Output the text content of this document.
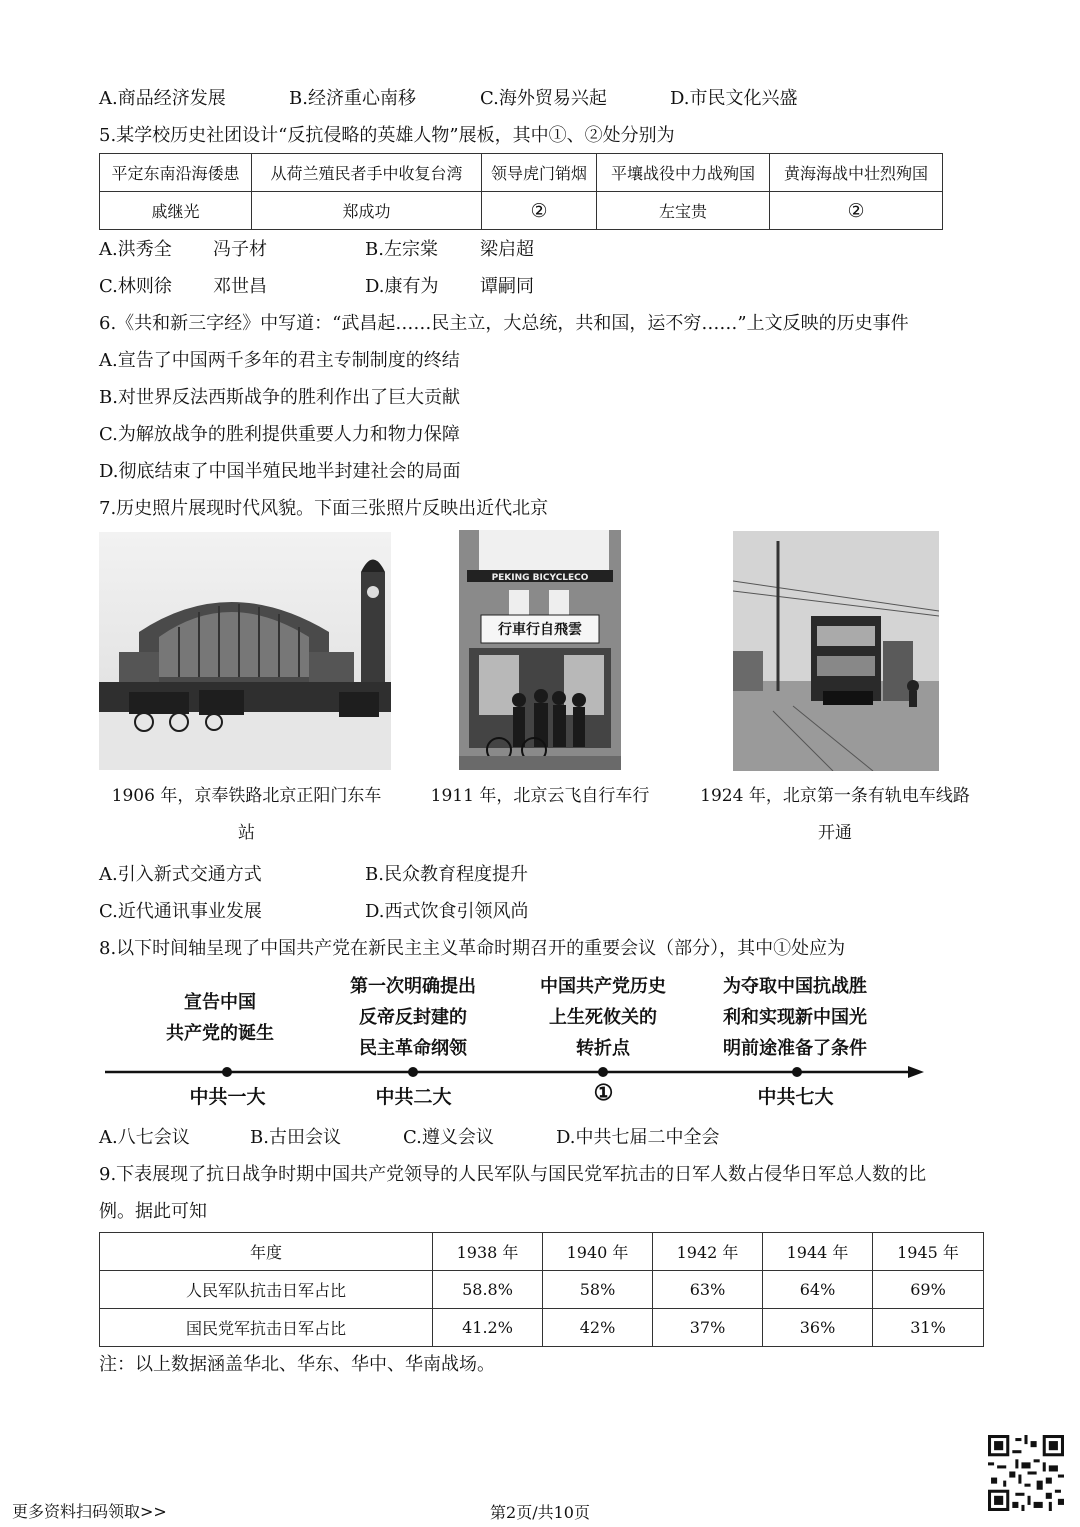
A.商品经济发展	B.经济重心南移	C.海外贸易兴起	D.市民文化兴盛
5.某学校历史社团设计“反抗侵略的英雄人物”展板，其中①、②处分别为
平定东南沿海倭患	从荷兰殖民者手中收复台湾	领导虎门销烟	平壤战役中力战殉国	黄海海战中壮烈殉国
戚继光	郑成功	②	左宝贵	②
A.洪秀全 冯子材	B.左宗棠 梁启超
C.林则徐 邓世昌	D.康有为 谭嗣同
6.《共和新三字经》中写道：“武昌起……民主立，大总统，共和国，运不穷……”上文反映的历史事件
A.宣告了中国两千多年的君主专制制度的终结
B.对世界反法西斯战争的胜利作出了巨大贡献
C.为解放战争的胜利提供重要人力和物力保障
D.彻底结束了中国半殖民地半封建社会的局面
7.历史照片展现时代风貌。下面三张照片反映出近代北京
PEKING BICYCLECO
行車行自飛雲
1906 年，京奉铁路北京正阳门东车
站
1911 年，北京云飞自行车行	1924 年，北京第一条有轨电车线路
开通
A.引入新式交通方式	B.民众教育程度提升
C.近代通讯事业发展	D.西式饮食引领风尚
8.以下时间轴呈现了中国共产党在新民主主义革命时期召开的重要会议（部分），其中①处应为
宣告中国
共产党的诞生
第一次明确提出
反帝反封建的
民主革命纲领
中国共产党历史
上生死攸关的
转折点
为夺取中国抗战胜
利和实现新中国光
明前途准备了条件
中共一大	中共二大	①	中共七大
A.八七会议	B.古田会议	C.遵义会议	D.中共七届二中全会
9.下表展现了抗日战争时期中国共产党领导的人民军队与国民党军抗击的日军人数占侵华日军总人数的比
例。据此可知
年度	1938 年	1940 年	1942 年	1944 年	1945 年
人民军队抗击日军占比	58.8%	58%	63%	64%	69%
国民党军抗击日军占比	41.2%	42%	37%	36%	31%
注：以上数据涵盖华北、华东、华中、华南战场。
更多资料扫码领取>>	第2页/共10页
